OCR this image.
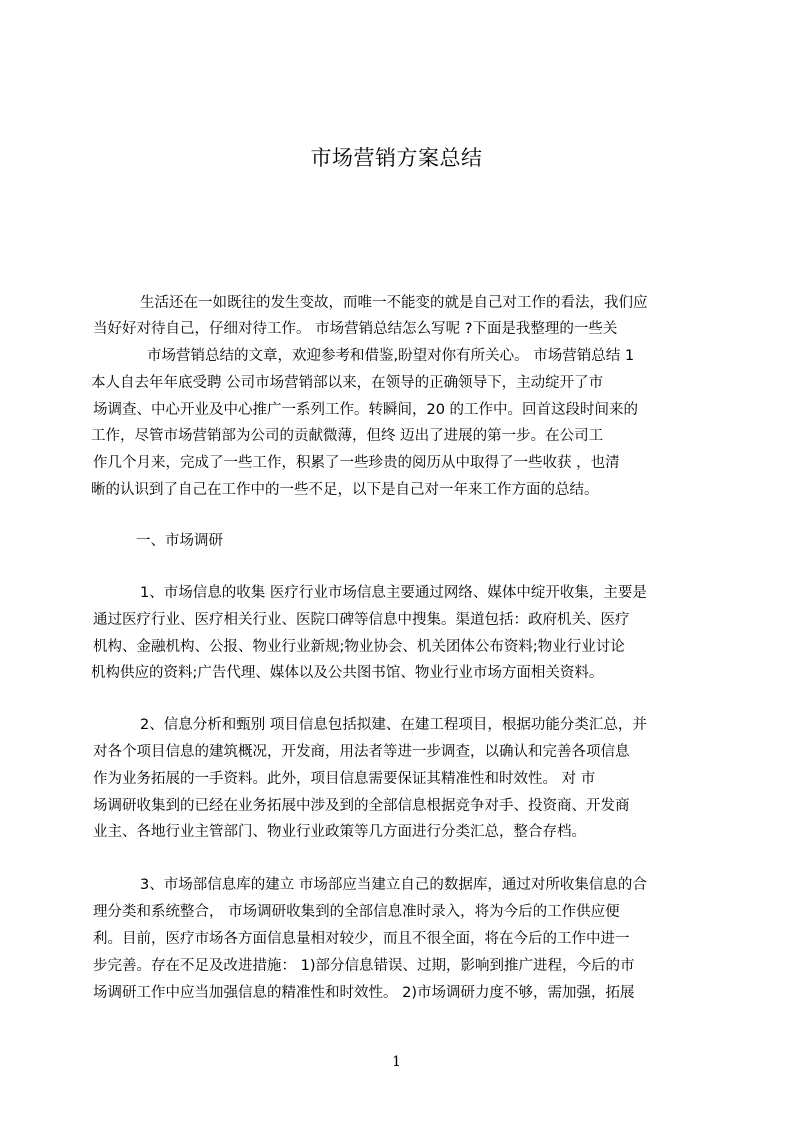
市场营销方案总结
生活还在一如既往的发生变故，而唯一不能变的就是自己对工作的看法，我们应
当好好对待自己，仔细对待工作。 市场营销总结怎么写呢 ?下面是我整理的一些关
市场营销总结的文章，欢迎参考和借鉴,盼望对你有所关心。 市场营销总结 1
本人自去年年底受聘 公司市场营销部以来，在领导的正确领导下，主动绽开了市
场调查、中心开业及中心推广一系列工作。转瞬间，20 的工作中。回首这段时间来的
工作，尽管市场营销部为公司的贡献微薄，但终 迈出了进展的第一步。在公司工
作几个月来，完成了一些工作，积累了一些珍贵的阅历从中取得了一些收获 ，也清
晰的认识到了自己在工作中的一些不足，以下是自己对一年来工作方面的总结。
一、市场调研
1、市场信息的收集 医疗行业市场信息主要通过网络、媒体中绽开收集，主要是
通过医疗行业、医疗相关行业、医院口碑等信息中搜集。渠道包括：政府机关、医疗
机构、金融机构、公报、物业行业新规;物业协会、机关团体公布资料;物业行业讨论
机构供应的资料;广告代理、媒体以及公共图书馆、物业行业市场方面相关资料。
2、信息分析和甄别 项目信息包括拟建、在建工程项目，根据功能分类汇总，并
对各个项目信息的建筑概况，开发商，用法者等进一步调查，以确认和完善各项信息
作为业务拓展的一手资料。此外，项目信息需要保证其精准性和时效性。 对 市
场调研收集到的已经在业务拓展中涉及到的全部信息根据竞争对手、投资商、开发商
业主、各地行业主管部门、物业行业政策等几方面进行分类汇总，整合存档。
3、市场部信息库的建立 市场部应当建立自己的数据库，通过对所收集信息的合
理分类和系统整合， 市场调研收集到的全部信息准时录入，将为今后的工作供应便
利。目前，医疗市场各方面信息量相对较少，而且不很全面，将在今后的工作中进一
步完善。存在不足及改进措施： 1)部分信息错误、过期，影响到推广进程，今后的市
场调研工作中应当加强信息的精准性和时效性。 2)市场调研力度不够，需加强，拓展
1
